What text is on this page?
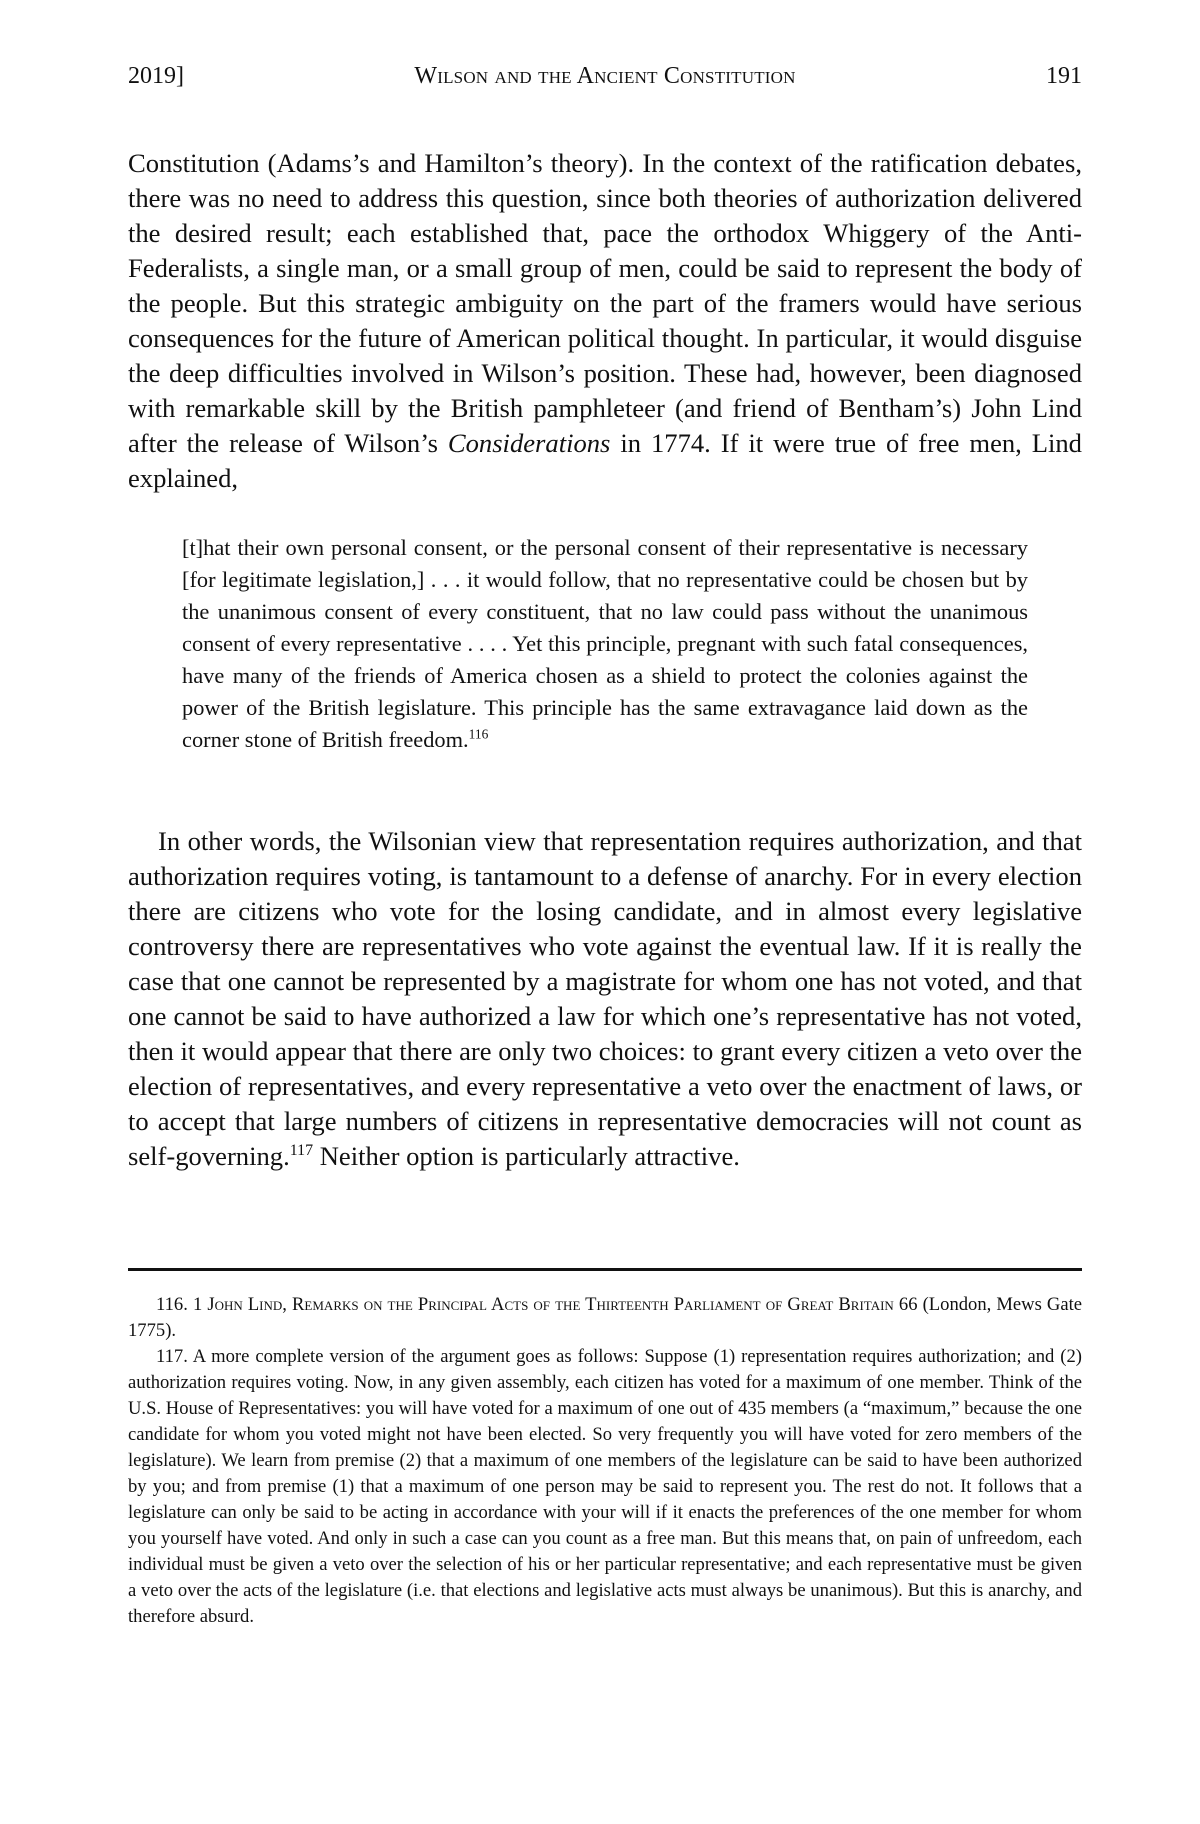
2019]	Wilson and the Ancient Constitution	191

Constitution (Adams’s and Hamilton’s theory). In the context of the ratification debates, there was no need to address this question, since both theories of authorization delivered the desired result; each established that, pace the orthodox Whiggery of the Anti-Federalists, a single man, or a small group of men, could be said to represent the body of the people. But this strategic ambiguity on the part of the framers would have serious consequences for the future of American political thought. In particular, it would disguise the deep difficulties involved in Wilson’s position. These had, however, been diagnosed with remarkable skill by the British pamphleteer (and friend of Bentham’s) John Lind after the release of Wilson’s Considerations in 1774. If it were true of free men, Lind explained,

[t]hat their own personal consent, or the personal consent of their representative is necessary [for legitimate legislation,] . . . it would follow, that no representative could be chosen but by the unanimous consent of every constituent, that no law could pass without the unanimous consent of every representative . . . . Yet this principle, pregnant with such fatal consequences, have many of the friends of America chosen as a shield to protect the colonies against the power of the British legislature. This principle has the same extravagance laid down as the corner stone of British freedom.$^{116}$

In other words, the Wilsonian view that representation requires authorization, and that authorization requires voting, is tantamount to a defense of anarchy. For in every election there are citizens who vote for the losing candidate, and in almost every legislative controversy there are representatives who vote against the eventual law. If it is really the case that one cannot be represented by a magistrate for whom one has not voted, and that one cannot be said to have authorized a law for which one’s representative has not voted, then it would appear that there are only two choices: to grant every citizen a veto over the election of representatives, and every representative a veto over the enactment of laws, or to accept that large numbers of citizens in representative democracies will not count as self-governing.$^{117}$ Neither option is particularly attractive.

116. 1 John Lind, Remarks on the Principal Acts of the Thirteenth Parliament of Great Britain 66 (London, Mews Gate 1775).

117. A more complete version of the argument goes as follows: Suppose (1) representation requires authorization; and (2) authorization requires voting. Now, in any given assembly, each citizen has voted for a maximum of one member. Think of the U.S. House of Representatives: you will have voted for a maximum of one out of 435 members (a “maximum,” because the one candidate for whom you voted might not have been elected. So very frequently you will have voted for zero members of the legislature). We learn from premise (2) that a maximum of one members of the legislature can be said to have been authorized by you; and from premise (1) that a maximum of one person may be said to represent you. The rest do not. It follows that a legislature can only be said to be acting in accordance with your will if it enacts the preferences of the one member for whom you yourself have voted. And only in such a case can you count as a free man. But this means that, on pain of unfreedom, each individual must be given a veto over the selection of his or her particular representative; and each representative must be given a veto over the acts of the legislature (i.e. that elections and legislative acts must always be unanimous). But this is anarchy, and therefore absurd.
